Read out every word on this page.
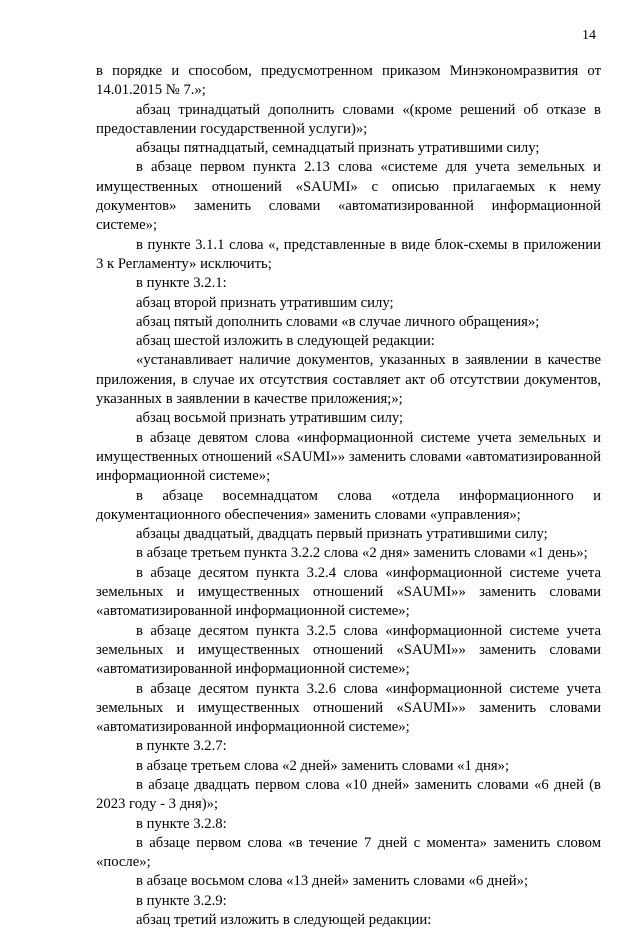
14

в порядке и способом, предусмотренном приказом Минэкономразвития от 14.01.2015 № 7.»;

абзац тринадцатый дополнить словами «(кроме решений об отказе в предоставлении государственной услуги)»;

абзацы пятнадцатый, семнадцатый признать утратившими силу;

в абзаце первом пункта 2.13 слова «системе для учета земельных и имущественных отношений «SAUMI» с описью прилагаемых к нему документов» заменить словами «автоматизированной информационной системе»;

в пункте 3.1.1 слова «, представленные в виде блок-схемы в приложении 3 к Регламенту» исключить;

в пункте 3.2.1:

абзац второй признать утратившим силу;

абзац пятый дополнить словами «в случае личного обращения»;

абзац шестой изложить в следующей редакции:

«устанавливает наличие документов, указанных в заявлении в качестве приложения, в случае их отсутствия составляет акт об отсутствии документов, указанных в заявлении в качестве приложения;»;

абзац восьмой признать утратившим силу;

в абзаце девятом слова «информационной системе учета земельных и имущественных отношений «SAUMI»» заменить словами «автоматизированной информационной системе»;

в абзаце восемнадцатом слова «отдела информационного и документационного обеспечения» заменить словами «управления»;

абзацы двадцатый, двадцать первый признать утратившими силу;

в абзаце третьем пункта 3.2.2 слова «2 дня» заменить словами «1 день»;

в абзаце десятом пункта 3.2.4 слова «информационной системе учета земельных и имущественных отношений «SAUMI»» заменить словами «автоматизированной информационной системе»;

в абзаце десятом пункта 3.2.5 слова «информационной системе учета земельных и имущественных отношений «SAUMI»» заменить словами «автоматизированной информационной системе»;

в абзаце десятом пункта 3.2.6 слова «информационной системе учета земельных и имущественных отношений «SAUMI»» заменить словами «автоматизированной информационной системе»;

в пункте 3.2.7:

в абзаце третьем слова «2 дней» заменить словами «1 дня»;

в абзаце двадцать первом слова «10 дней» заменить словами «6 дней (в 2023 году - 3 дня)»;

в пункте 3.2.8:

в абзаце первом слова «в течение 7 дней с момента» заменить словом «после»;

в абзаце восьмом слова «13 дней» заменить словами «6 дней»;

в пункте 3.2.9:

абзац третий изложить в следующей редакции:
